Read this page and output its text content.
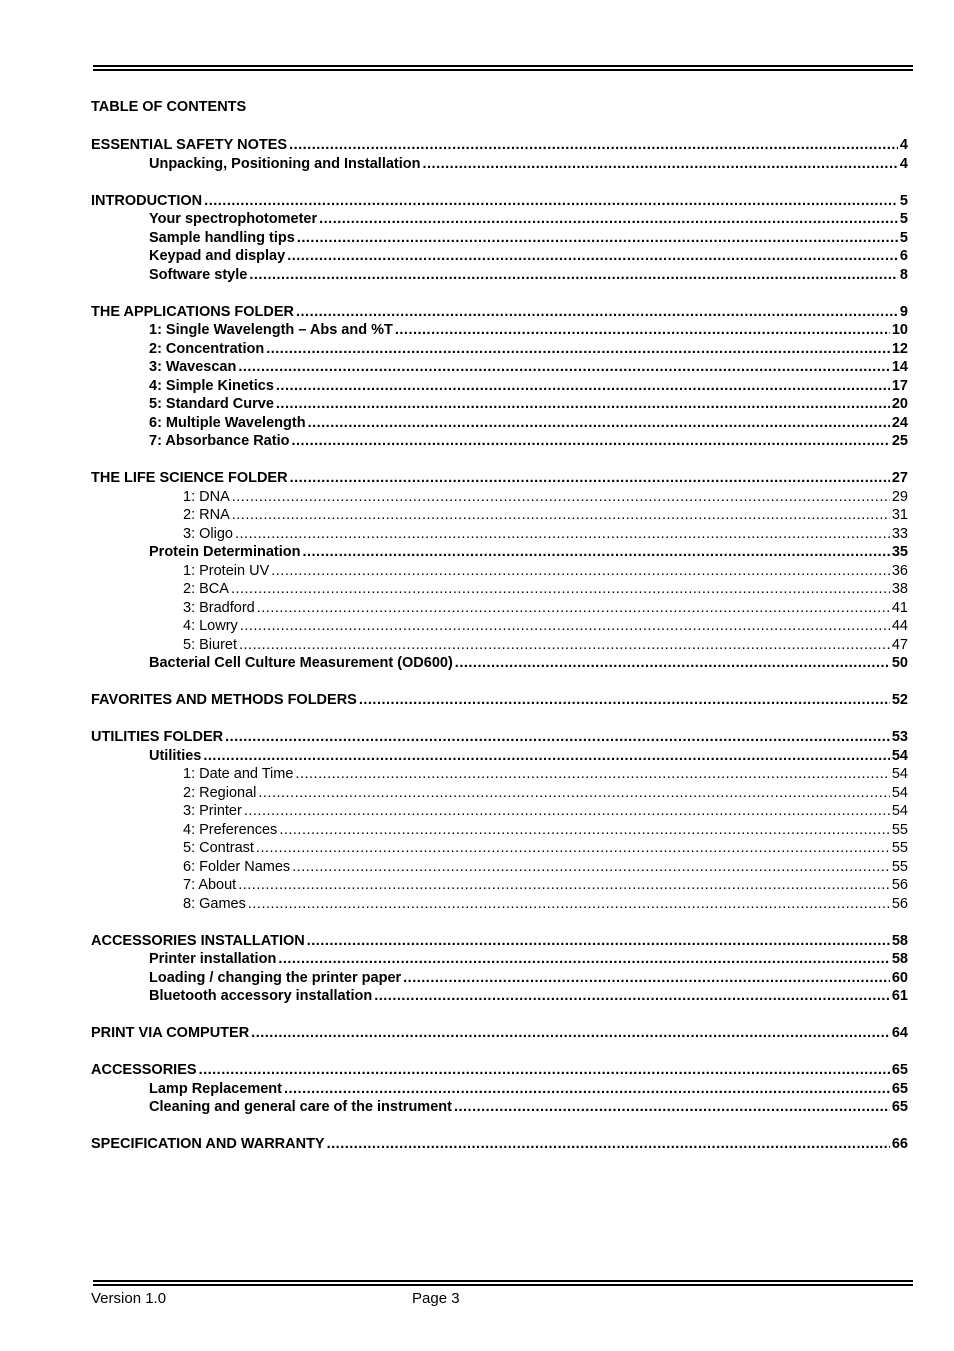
TABLE OF CONTENTS
ESSENTIAL SAFETY NOTES .....	4
Unpacking, Positioning and Installation .....	4
INTRODUCTION .....	5
Your spectrophotometer .....	5
Sample handling tips .....	5
Keypad and display .....	6
Software style .....	8
THE APPLICATIONS FOLDER .....	9
1: Single Wavelength – Abs and %T .....	10
2: Concentration .....	12
3: Wavescan .....	14
4: Simple Kinetics .....	17
5: Standard Curve .....	20
6: Multiple Wavelength .....	24
7: Absorbance Ratio .....	25
THE LIFE SCIENCE FOLDER .....	27
1: DNA .....	29
2: RNA .....	31
3: Oligo .....	33
Protein Determination .....	35
1: Protein UV .....	36
2: BCA .....	38
3: Bradford .....	41
4: Lowry .....	44
5: Biuret .....	47
Bacterial Cell Culture Measurement (OD600) .....	50
FAVORITES AND METHODS FOLDERS .....	52
UTILITIES FOLDER .....	53
Utilities .....	54
1: Date and Time .....	54
2: Regional .....	54
3: Printer .....	54
4: Preferences .....	55
5: Contrast .....	55
6: Folder Names .....	55
7: About .....	56
8: Games .....	56
ACCESSORIES INSTALLATION .....	58
Printer installation .....	58
Loading / changing the printer paper .....	60
Bluetooth accessory installation .....	61
PRINT VIA COMPUTER .....	64
ACCESSORIES .....	65
Lamp Replacement .....	65
Cleaning and general care of the instrument .....	65
SPECIFICATION AND WARRANTY .....	66
Version 1.0	Page 3
